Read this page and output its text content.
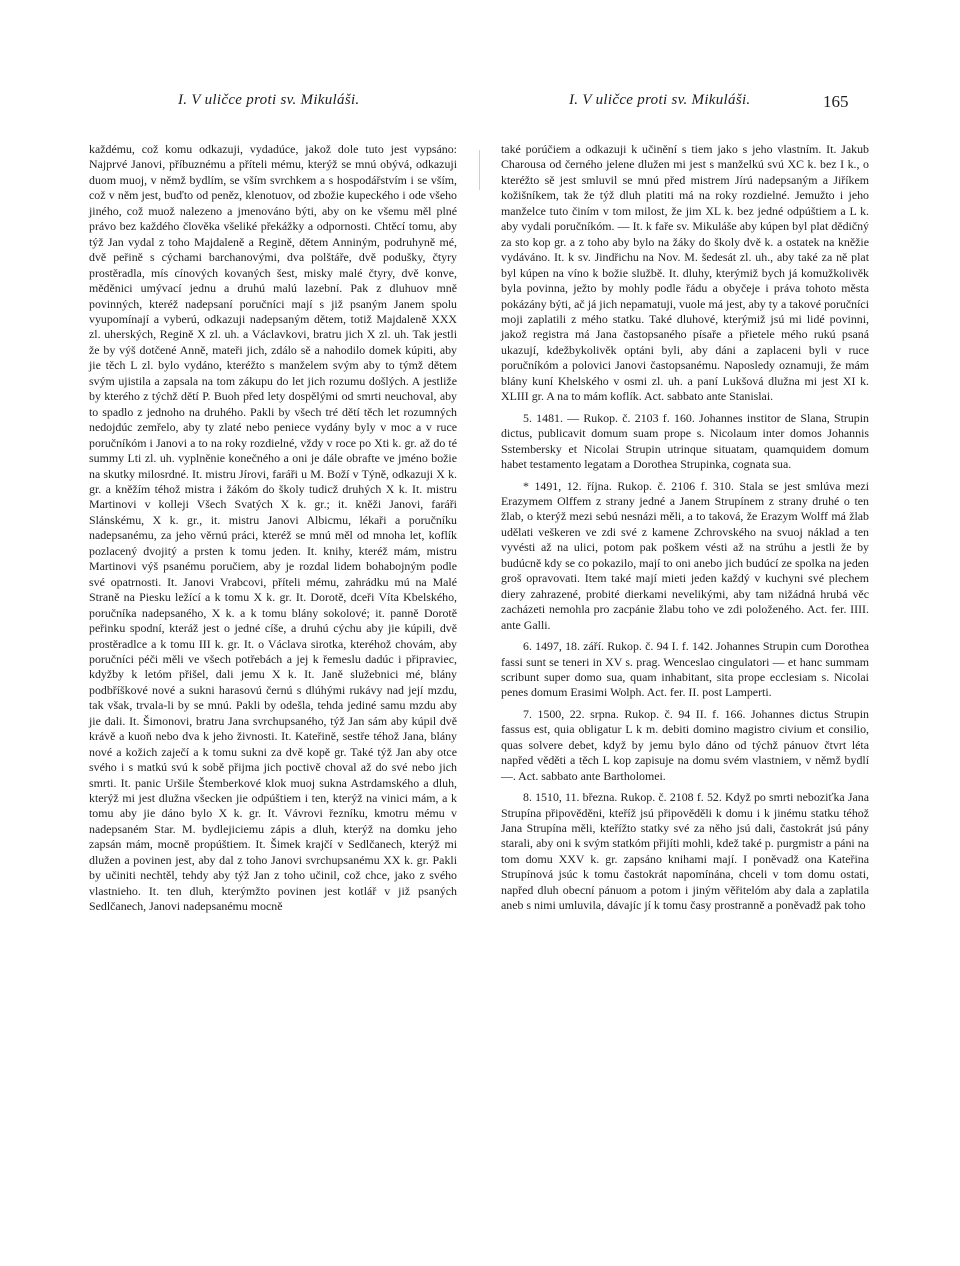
I. V uličce proti sv. Mikuláši.	I. V uličce proti sv. Mikuláši.	165

každému, což komu odkazuji, vydadúce, jakož dole tuto jest vypsáno: Najprvé Janovi, příbuznému a příteli mému, kterýž se mnú obývá, odkazuji duom muoj, v němž bydlím, se vším svrchkem a s hospodářstvím i se vším, což v něm jest, buďto od peněz, klenotuov, od zbožie kupeckého i ode všeho jiného, což muož nalezeno a jmenováno býti, aby on ke všemu měl plné právo bez každého člověka všeliké překážky a odpornosti. Chtěcí tomu, aby týž Jan vydal z toho Majdaleně a Regině, dětem Anniným, podruhyně mé, dvě peřině s cýchami barchanovými, dva polštáře, dvě podušky, čtyry prostěradla, mís cínových kovaných šest, misky malé čtyry, dvě konve, měděnici umývací jednu a druhú malú lazební. Pak z dluhuov mně povinných, kteréž nadepsaní poručníci mají s již psaným Janem spolu vyupomínají a vyberú, odkazuji nadepsaným dětem, totiž Majdaleně XXX zl. uherských, Regině X zl. uh. a Václavkovi, bratru jich X zl. uh. Tak jestli že by výš dotčené Anně, mateři jich, zdálo sě a nahodilo domek kúpiti, aby jie těch L zl. bylo vydáno, kteréžto s manželem svým aby to týmž dětem svým ujistila a zapsala na tom zákupu do let jich rozumu došlých. A jestliže by kterého z týchž dětí P. Buoh před lety dospělými od smrti neuchoval, aby to spadlo z jednoho na druhého. Pakli by všech tré dětí těch let rozumných nedojdúc zemřelo, aby ty zlaté nebo peniece vydány byly v moc a v ruce poručníkóm i Janovi a to na roky rozdielné, vždy v roce po Xti k. gr. až do té summy Lti zl. uh. vyplněnie konečného a oni je dále obrafte ve jméno božie na skutky milosrdné. It. mistru Jírovi, faráři u M. Boží v Týně, odkazuji X k. gr. a kněžím téhož mistra i žákóm do školy tudicž druhých X k. It. mistru Martinovi v kolleji Všech Svatých X k. gr.; it. kněži Janovi, faráři Slánskému, X k. gr., it. mistru Janovi Albicmu, lékaři a poručníku nadepsanému, za jeho věrnú práci, kteréž se mnú měl od mnoha let, koflík pozlacený dvojitý a prsten k tomu jeden. It. knihy, kteréž mám, mistru Martinovi výš psanému poručiem, aby je rozdal lidem bohabojným podle své opatrnosti. It. Janovi Vrabcovi, příteli mému, zahrádku mú na Malé Straně na Piesku ležící a k tomu X k. gr. It. Dorotě, dceři Víta Kbelského, poručníka nadepsaného, X k. a k tomu blány sokolové; it. panně Dorotě peřinku spodní, kteráž jest o jedné cíše, a druhú cýchu aby jie kúpili, dvě prostěradlce a k tomu III k. gr. It. o Václava sirotka, kteréhož chovám, aby poručníci péči měli ve všech potřebách a jej k řemeslu dadúc i připraviec, kdyžby k letóm přišel, dali jemu X k. It. Janě služebnici mé, blány podbříškové nové a sukni harasovú černú s dlúhými rukávy nad její mzdu, tak však, trvala-li by se mnú. Pakli by odešla, tehda jediné samu mzdu aby jie dali. It. Šimonovi, bratru Jana svrchupsaného, týž Jan sám aby kúpil dvě krávě a kuoň nebo dva k jeho živnosti. It. Kateřině, sestře téhož Jana, blány nové a kožich zaječí a k tomu sukni za dvě kopě gr. Také týž Jan aby otce svého i s matkú svú k sobě přijma jich poctivě choval až do své nebo jich smrti. It. panic Uršile Štemberkové klok muoj sukna Astrdamského a dluh, kterýž mi jest dlužna všecken jie odpúštiem i ten, kterýž na vinici mám, a k tomu aby jie dáno bylo X k. gr. It. Vávrovi řezníku, kmotru mému v nadepsaném Star. M. bydlejiciemu zápis a dluh, kterýž na domku jeho zapsán mám, mocně propúštiem. It. Šimek krajčí v Sedlčanech, kterýž mi dlužen a povinen jest, aby dal z toho Janovi svrchupsanému XX k. gr. Pakli by učiniti nechtěl, tehdy aby týž Jan z toho učinil, což chce, jako z svého vlastnieho. It. ten dluh, kterýmžto povinen jest kotlář v již psaných Sedlčanech, Janovi nadepsanému mocně

také porúčiem a odkazuji k učinění s tiem jako s jeho vlastním. It. Jakub Charousa od černého jelene dlužen mi jest s manželkú svú XC k. bez I k., o kteréžto sě jest smluvil se mnú před mistrem Jírú nadepsaným a Jiříkem kožišníkem, tak že týž dluh platiti má na roky rozdielné. Jemužto i jeho manželce tuto činím v tom milost, že jim XL k. bez jedné odpúštiem a L k. aby vydali poručníkóm. — It. k faře sv. Mikuláše aby kúpen byl plat dědičný za sto kop gr. a z toho aby bylo na žáky do školy dvě k. a ostatek na kněžie vydáváno. It. k sv. Jindřichu na Nov. M. šedesát zl. uh., aby také za ně plat byl kúpen na víno k božie službě. It. dluhy, kterýmiž bych já komužkolivěk byla povinna, ježto by mohly podle řádu a obyčeje i práva tohoto města pokázány býti, ač já jich nepamatuji, vuole má jest, aby ty a takové poručníci moji zaplatili z mého statku. Také dluhové, kterýmiž jsú mi lidé povinni, jakož registra má Jana častopsaného písaře a přietele mého rukú psaná ukazují, kdežbykolivěk optáni byli, aby dáni a zaplaceni byli v ruce poručníkóm a polovici Janovi častopsanému. Naposledy oznamuji, že mám blány kuní Khelského v osmi zl. uh. a paní Lukšová dlužna mi jest XI k. XLIII gr. A na to mám koflík. Act. sabbato ante Stanislai.

5. 1481. — Rukop. č. 2103 f. 160. Johannes institor de Slana, Strupin dictus, publicavit domum suam prope s. Nicolaum inter domos Johannis Sstembersky et Nicolai Strupin utrinque situatam, quamquidem domum habet testamento legatam a Dorothea Strupinka, cognata sua.

* 1491, 12. října. Rukop. č. 2106 f. 310. Stala se jest smlúva mezi Erazymem Olffem z strany jedné a Janem Strupínem z strany druhé o ten žlab, o kterýž mezi sebú nesnázi měli, a to taková, že Erazym Wolff má žlab udělati veškeren ve zdi své z kamene Zchrovského na svuoj náklad a ten vyvésti až na ulici, potom pak poškem vésti až na strúhu a jestli že by budúcně kdy se co pokazilo, mají to oni anebo jich budúcí ze spolka na jeden groš opravovati. Item také mají mieti jeden každý v kuchyni své plechem diery zahrazené, probité dierkami nevelikými, aby tam nižádná hrubá věc zacházeti nemohla pro zacpánie žlabu toho ve zdi položeného. Act. fer. IIII. ante Galli.

6. 1497, 18. září. Rukop. č. 94 I. f. 142. Johannes Strupin cum Dorothea fassi sunt se teneri in XV s. prag. Wenceslao cingulatori — et hanc summam scribunt super domo sua, quam inhabitant, sita prope ecclesiam s. Nicolai penes domum Erasimi Wolph. Act. fer. II. post Lamperti.

7. 1500, 22. srpna. Rukop. č. 94 II. f. 166. Johannes dictus Strupin fassus est, quia obligatur L k m. debiti domino magistro civium et consilio, quas solvere debet, když by jemu bylo dáno od týchž pánuov čtvrt léta napřed věděti a těch L kop zapisuje na domu svém vlastniem, v němž bydlí —. Act. sabbato ante Bartholomei.

8. 1510, 11. března. Rukop. č. 2108 f. 52. Když po smrti neboziťka Jana Strupína připověděni, kteříž jsú připověděli k domu i k jinému statku téhož Jana Strupína měli, kteřížto statky své za něho jsú dali, častokrát jsú pány starali, aby oni k svým statkóm přijíti mohli, kdež také p. purgmistr a páni na tom domu XXV k. gr. zapsáno knihami mají. I poněvadž ona Kateřina Strupínová jsúc k tomu častokrát napomínána, chceli v tom domu ostati, napřed dluh obecní pánuom a potom i jiným věřitelóm aby dala a zaplatila aneb s nimi umluvila, dávajíc jí k tomu časy prostranně a poněvadž pak toho
